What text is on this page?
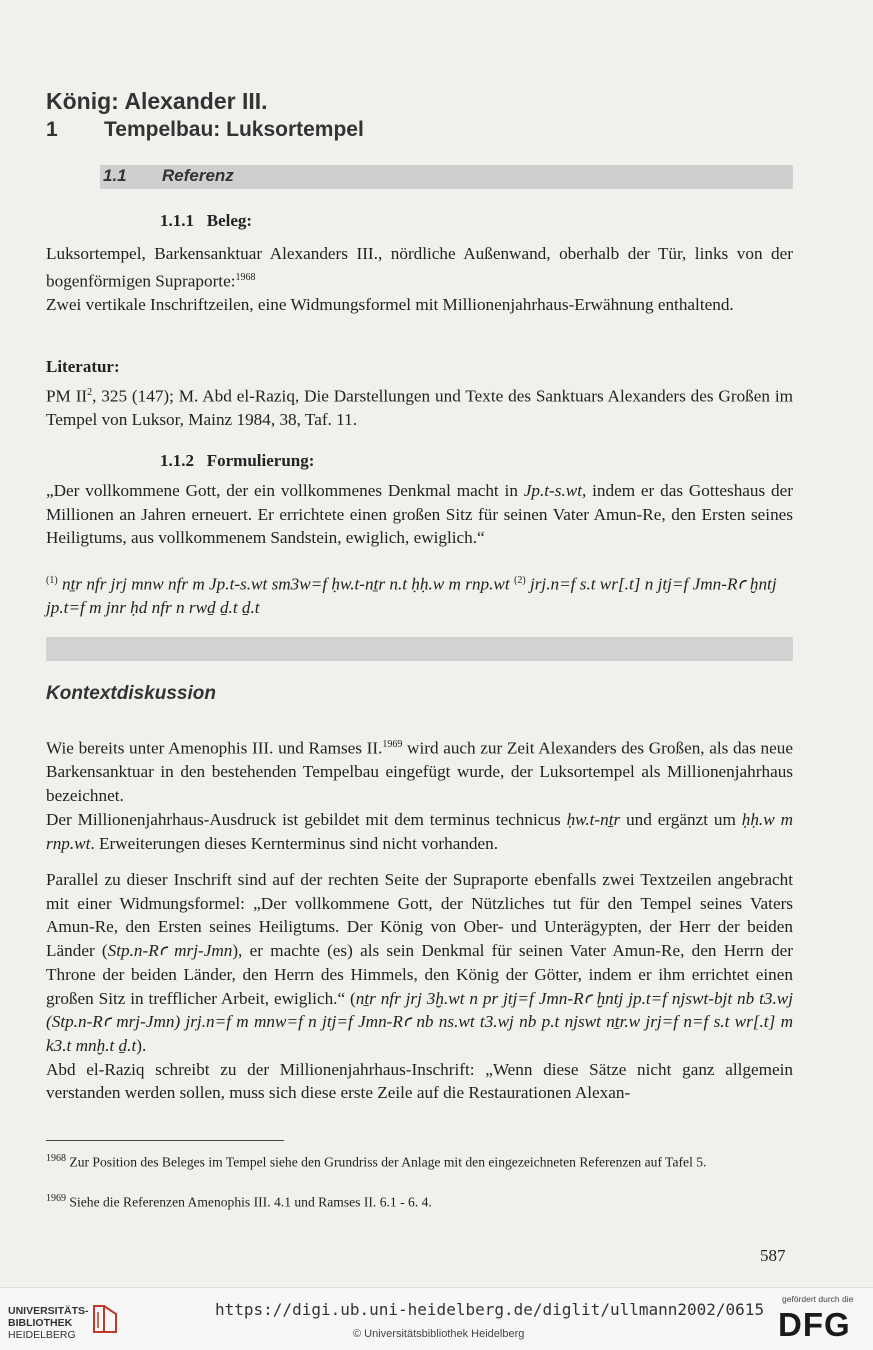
König: Alexander III.
1 Tempelbau: Luksortempel
1.1 Referenz
1.1.1   Beleg:

Luksortempel, Barkensanktuar Alexanders III., nördliche Außenwand, oberhalb der Tür, links von der bogenförmigen Supraporte:$^{1968}$

Zwei vertikale Inschriftzeilen, eine Widmungsformel mit Millionenjahrhaus-Erwähnung enthaltend.

Literatur:

PM $II^2$, 325 (147); M. Abd el-Raziq, Die Darstellungen und Texte des Sanktuars Alexanders des Großen im Tempel von Luksor, Mainz 1984, 38, Taf. 11.

1.1.2   Formulierung:

„Der vollkommene Gott, der ein vollkommenes Denkmal macht in Jp.t-s.wt, indem er das Gotteshaus der Millionen an Jahren erneuert. Er errichtete einen großen Sitz für seinen Vater Amun-Re, den Ersten seines Heiligtums, aus vollkommenem Sandstein, ewiglich, ewiglich.“

$^{(1)}$ nṯr nfr jrj mnw nfr m Jp.t-s.wt sm3w=f ḥw.t-nṯr n.t ḥḥ.w m rnp.wt $^{(2)}$ jrj.n=f s.t wr[.t] n jtj=f Jmn-Rꜥ ḫntj jp.t=f m jnr ḥd nfr n rwḏ ḏ.t ḏ.t

Kontextdiskussion

Wie bereits unter Amenophis III. und Ramses II.$^{1969}$ wird auch zur Zeit Alexanders des Großen, als das neue Barkensanktuar in den bestehenden Tempelbau eingefügt wurde, der Luksortempel als Millionenjahrhaus bezeichnet.

Der Millionenjahrhaus-Ausdruck ist gebildet mit dem terminus technicus ḥw.t-nṯr und ergänzt um ḥḥ.w m rnp.wt. Erweiterungen dieses Kernterminus sind nicht vorhanden.

Parallel zu dieser Inschrift sind auf der rechten Seite der Supraporte ebenfalls zwei Textzeilen angebracht mit einer Widmungsformel: „Der vollkommene Gott, der Nützliches tut für den Tempel seines Vaters Amun-Re, den Ersten seines Heiligtums. Der König von Ober- und Unterägypten, der Herr der beiden Länder (Stp.n-Rꜥ mrj-Jmn), er machte (es) als sein Denkmal für seinen Vater Amun-Re, den Herrn der Throne der beiden Länder, den Herrn des Himmels, den König der Götter, indem er ihm errichtet einen großen Sitz in trefflicher Arbeit, ewiglich.“ (nṯr nfr jrj 3ḫ.wt n pr jtj=f Jmn-Rꜥ ḫntj jp.t=f njswt-bjt nb t3.wj (Stp.n-Rꜥ mrj-Jmn) jrj.n=f m mnw=f n jtj=f Jmn-Rꜥ nb ns.wt t3.wj nb p.t njswt nṯr.w jrj=f n=f s.t wr[.t] m k3.t mnḫ.t ḏ.t).

Abd el-Raziq schreibt zu der Millionenjahrhaus-Inschrift: „Wenn diese Sätze nicht ganz allgemein verstanden werden sollen, muss sich diese erste Zeile auf die Restaurationen Alexan-

$^{1968}$ Zur Position des Beleges im Tempel siehe den Grundriss der Anlage mit den eingezeichneten Referenzen auf Tafel 5.
$^{1969}$ Siehe die Referenzen Amenophis III. 4.1 und Ramses II. 6.1 - 6. 4.
587
UNIVERSITÄTS-
BIBLIOTHEK
HEIDELBERG
https://digi.ub.uni-heidelberg.de/diglit/ullmann2002/0615
© Universitätsbibliothek Heidelberg
gefördert durch die
DFG
